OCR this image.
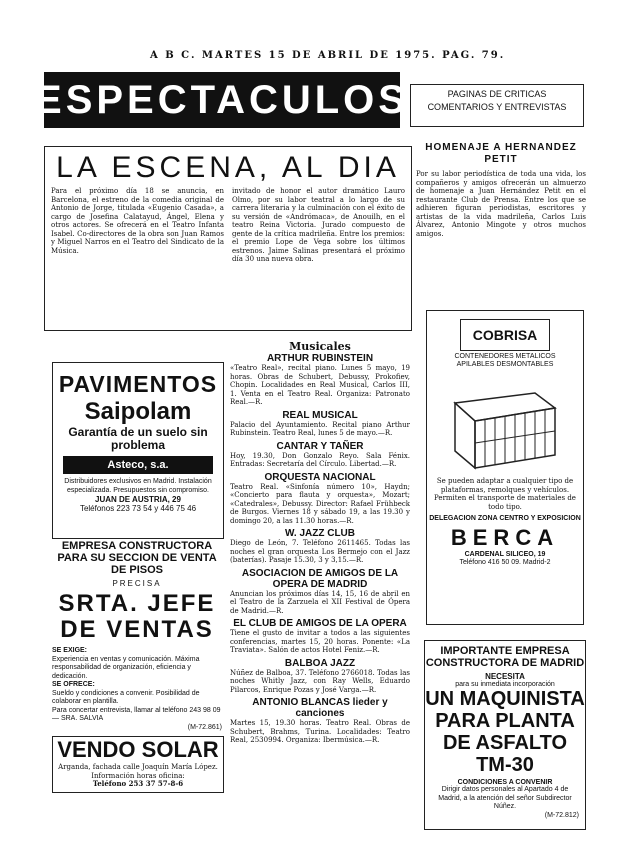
A B C. MARTES 15 DE ABRIL DE 1975. PAG. 79.
ESPECTACULOS	PAGINAS DE CRITICAS
COMENTARIOS Y ENTREVISTAS
LA ESCENA, AL DIA
Para el próximo día 18 se anuncia, en Barcelona, el estreno de la comedia original de Antonio de Jorge, titulada «Eugenio Casada», a cargo de Josefina Calatayud, Ángel, Elena y otros actores. Se ofrecerá en el Teatro Infanta Isabel. Co-directores de la obra son Juan Ramos y Miguel Narros en el Teatro del Sindicato de la Música.
invitado de honor el autor dramático Lauro Olmo, por su labor teatral a lo largo de su carrera literaria y la culminación con el éxito de su versión de «Andrómaca», de Anouilh, en el teatro Reina Victoria. Jurado compuesto de gente de la crítica madrileña. Entre los premios: el premio Lope de Vega sobre los últimos estrenos. Jaime Salinas presentará el próximo día 30 una nueva obra.
HOMENAJE A HERNANDEZ PETIT
Por su labor periodística de toda una vida, los compañeros y amigos ofrecerán un almuerzo de homenaje a Juan Hernández Petit en el restaurante Club de Prensa. Entre los que se adhieren figuran periodistas, escritores y artistas de la vida madrileña, Carlos Luis Álvarez, Antonio Mingote y otros muchos amigos.
PAVIMENTOS
Saipolam
Garantía de un suelo sin problema
Asteco, s.a.
Distribuidores exclusivos en Madrid. Instalación especializada. Presupuestos sin compromiso.
JUAN DE AUSTRIA, 29
Teléfonos 223 73 54 y 446 75 46
EMPRESA CONSTRUCTORA PARA SU SECCION DE VENTA DE PISOS
PRECISA
SRTA. JEFE DE VENTAS
SE EXIGE:
Experiencia en ventas y comunicación. Máxima responsabilidad de organización, eficiencia y dedicación.
SE OFRECE:
Sueldo y condiciones a convenir. Posibilidad de colaborar en plantilla.
Para concertar entrevista, llamar al teléfono 243 98 09 — SRA. SALVIA
(M-72.861)
VENDO SOLAR
Arganda, fachada calle Joaquín María López.
Información horas oficina:
Teléfono 253 37 57-8-6
Musicales
ARTHUR RUBINSTEIN
«Teatro Real», recital piano. Lunes 5 mayo, 19 horas. Obras de Schubert, Debussy, Prokofiev, Chopin. Localidades en Real Musical, Carlos III, 1. Venta en el Teatro Real. Organiza: Patronato Real.—R.
REAL MUSICAL
Palacio del Ayuntamiento. Recital piano Arthur Rubinstein. Teatro Real, lunes 5 de mayo.—R.
CANTAR Y TAÑER
Hoy, 19.30, Don Gonzalo Reyo. Sala Fénix. Entradas: Secretaría del Círculo. Libertad.—R.
ORQUESTA NACIONAL
Teatro Real. «Sinfonía número 10», Haydn; «Concierto para flauta y orquesta», Mozart; «Catedrales», Debussy. Director: Rafael Frühbeck de Burgos. Viernes 18 y sábado 19, a las 19.30 y domingo 20, a las 11.30 horas.—R.
W. JAZZ CLUB
Diego de León, 7. Teléfono 2611465. Todas las noches el gran orquesta Los Bermejo con el Jazz (baterías). Pasaje 15.30, 3 y 3,15.—R.
ASOCIACION DE AMIGOS DE LA OPERA DE MADRID
Anuncian los próximos días 14, 15, 16 de abril en el Teatro de la Zarzuela el XII Festival de Ópera de Madrid.—R.
EL CLUB DE AMIGOS DE LA OPERA
Tiene el gusto de invitar a todos a las siguientes conferencias, martes 15, 20 horas. Ponente: «La Traviata». Salón de actos Hotel Feniz.—R.
BALBOA JAZZ
Núñez de Balboa, 37. Teléfono 2766018. Todas las noches Whitly Jazz, con Ray Wells, Eduardo Pilarcos, Enrique Pozas y José Varga.—R.
ANTONIO BLANCAS lieder y canciones
Martes 15, 19.30 horas. Teatro Real. Obras de Schubert, Brahms, Turina. Localidades: Teatro Real, 2530994. Organiza: Ibermúsica.—R.
COBRISA
CONTENEDORES METALICOS
APILABLES DESMONTABLES
Se pueden adaptar a cualquier tipo de plataformas, remolques y vehículos. Permiten el transporte de materiales de todo tipo.
DELEGACION ZONA CENTRO Y EXPOSICION
BERCA
CARDENAL SILICEO, 19
Teléfono 416 50 09. Madrid-2
IMPORTANTE EMPRESA CONSTRUCTORA DE MADRID
NECESITA
para su inmediata incorporación
UN MAQUINISTA PARA PLANTA DE ASFALTO TM-30
CONDICIONES A CONVENIR
Dirigir datos personales al Apartado 4 de Madrid, a la atención del señor Subdirector Núñez.
(M-72.812)
